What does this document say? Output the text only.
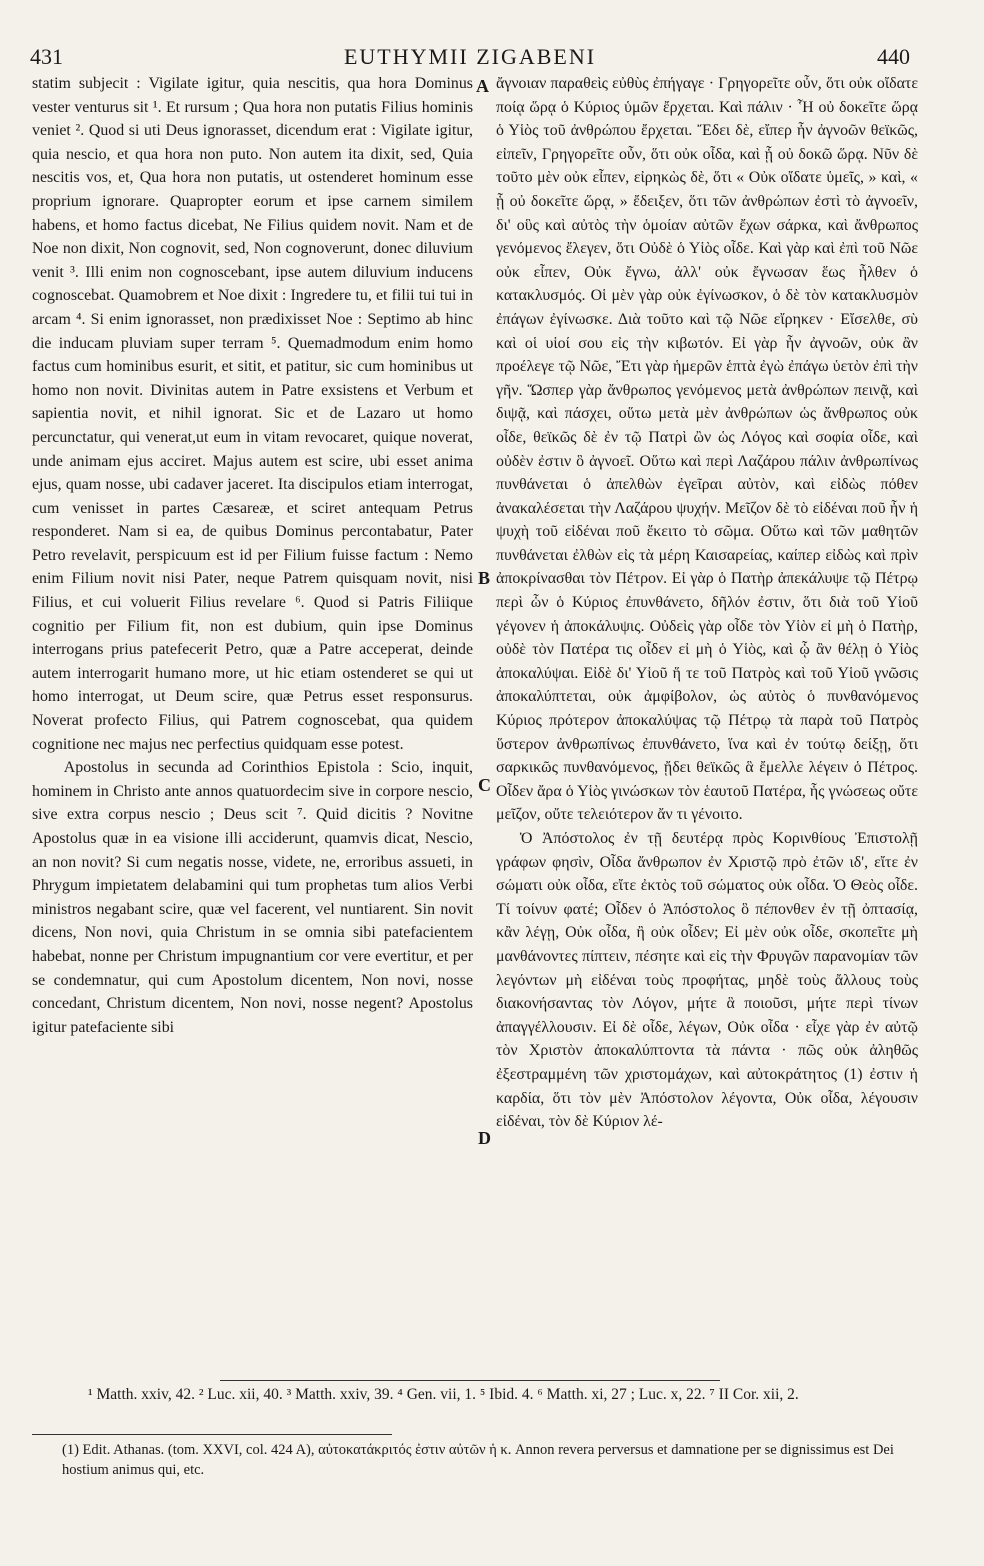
431	EUTHYMII ZIGABENI	440

statim subjecit : Vigilate igitur, quia nescitis, qua hora Dominus vester venturus sit ¹. Et rursum ; Qua hora non putatis Filius hominis veniet ². Quod si uti Deus ignorasset, dicendum erat : Vigilate igitur, quia nescio, et qua hora non puto. Non autem ita dixit, sed, Quia nescitis vos, et, Qua hora non putatis, ut ostenderet hominum esse proprium ignorare. Quapropter eorum et ipse carnem similem habens, et homo factus dicebat, Ne Filius quidem novit. Nam et de Noe non dixit, Non cognovit, sed, Non cognoverunt, donec diluvium venit ³. Illi enim non cognoscebant, ipse autem diluvium inducens cognoscebat. Quamobrem et Noe dixit : Ingredere tu, et filii tui tui in arcam ⁴. Si enim ignorasset, non prædixisset Noe : Septimo ab hinc die inducam pluviam super terram ⁵. Quemadmodum enim homo factus cum hominibus esurit, et sitit, et patitur, sic cum hominibus ut homo non novit. Divinitas autem in Patre exsistens et Verbum et sapientia novit, et nihil ignorat. Sic et de Lazaro ut homo percunctatur, qui venerat,ut eum in vitam revocaret, quique noverat, unde animam ejus acciret. Majus autem est scire, ubi esset anima ejus, quam nosse, ubi cadaver jaceret. Ita discipulos etiam interrogat, cum venisset in partes Cæsareæ, et sciret antequam Petrus responderet. Nam si ea, de quibus Dominus percontabatur, Pater Petro revelavit, perspicuum est id per Filium fuisse factum : Nemo enim Filium novit nisi Pater, neque Patrem quisquam novit, nisi Filius, et cui voluerit Filius revelare ⁶. Quod si Patris Filiique cognitio per Filium fit, non est dubium, quin ipse Dominus interrogans prius patefecerit Petro, quæ a Patre acceperat, deinde autem interrogarit humano more, ut hic etiam ostenderet se qui ut homo interrogat, ut Deum scire, quæ Petrus esset responsurus. Noverat profecto Filius, qui Patrem cognoscebat, qua quidem cognitione nec majus nec perfectius quidquam esse potest.

Apostolus in secunda ad Corinthios Epistola : Scio, inquit, hominem in Christo ante annos quatuordecim sive in corpore nescio, sive extra corpus nescio ; Deus scit ⁷. Quid dicitis ? Novitne Apostolus quæ in ea visione illi acciderunt, quamvis dicat, Nescio, an non novit? Si cum negatis nosse, videte, ne, erroribus assueti, in Phrygum impietatem delabamini qui tum prophetas tum alios Verbi ministros negabant scire, quæ vel facerent, vel nuntiarent. Sin novit dicens, Non novi, quia Christum in se omnia sibi patefacientem habebat, nonne per Christum impugnantium cor vere evertitur, et per se condemnatur, qui cum Apostolum dicentem, Non novi, nosse concedant, Christum dicentem, Non novi, nosse negent? Apostolus igitur patefaciente sibi

A
B
C
D

ἄγνοιαν παραθεὶς εὐθὺς ἐπήγαγε · Γρηγορεῖτε οὖν, ὅτι οὐκ οἴδατε ποίᾳ ὥρᾳ ὁ Κύριος ὑμῶν ἔρχεται. Καὶ πάλιν · Ἧ οὐ δοκεῖτε ὥρᾳ ὁ Υἱὸς τοῦ ἀνθρώπου ἔρχεται. Ἔδει δὲ, εἴπερ ἦν ἀγνοῶν θεϊκῶς, εἰπεῖν, Γρηγορεῖτε οὖν, ὅτι οὐκ οἶδα, καὶ ᾗ οὐ δοκῶ ὥρᾳ. Νῦν δὲ τοῦτο μὲν οὐκ εἶπεν, εἰρηκὼς δὲ, ὅτι « Οὐκ οἴδατε ὑμεῖς, » καὶ, « ᾗ οὐ δοκεῖτε ὥρᾳ, » ἔδειξεν, ὅτι τῶν ἀνθρώπων ἐστὶ τὸ ἀγνοεῖν, δι' οὓς καὶ αὐτὸς τὴν ὁμοίαν αὐτῶν ἔχων σάρκα, καὶ ἄνθρωπος γενόμενος ἔλεγεν, ὅτι Οὐδὲ ὁ Υἱὸς οἶδε. Καὶ γὰρ καὶ ἐπὶ τοῦ Νῶε οὐκ εἶπεν, Οὐκ ἔγνω, ἀλλ' οὐκ ἔγνωσαν ἕως ἦλθεν ὁ κατακλυσμός. Οἱ μὲν γὰρ οὐκ ἐγίνωσκον, ὁ δὲ τὸν κατακλυσμὸν ἐπάγων ἐγίνωσκε. Διὰ τοῦτο καὶ τῷ Νῶε εἴρηκεν · Εἴσελθε, σὺ καὶ οἱ υἱοί σου εἰς τὴν κιβωτόν. Εἰ γὰρ ἦν ἀγνοῶν, οὐκ ἂν προέλεγε τῷ Νῶε, Ἔτι γὰρ ἡμερῶν ἑπτὰ ἐγὼ ἐπάγω ὑετὸν ἐπὶ τὴν γῆν. Ὥσπερ γὰρ ἄνθρωπος γενόμενος μετὰ ἀνθρώπων πεινᾷ, καὶ διψᾷ, καὶ πάσχει, οὕτω μετὰ μὲν ἀνθρώπων ὡς ἄνθρωπος οὐκ οἶδε, θεϊκῶς δὲ ἐν τῷ Πατρὶ ὢν ὡς Λόγος καὶ σοφία οἶδε, καὶ οὐδὲν ἐστιν ὃ ἀγνοεῖ. Οὕτω καὶ περὶ Λαζάρου πάλιν ἀνθρωπίνως πυνθάνεται ὁ ἀπελθὼν ἐγεῖραι αὐτὸν, καὶ εἰδὼς πόθεν ἀνακαλέσεται τὴν Λαζάρου ψυχήν. Μεῖζον δὲ τὸ εἰδέναι ποῦ ἦν ἡ ψυχὴ τοῦ εἰδέναι ποῦ ἔκειτο τὸ σῶμα. Οὕτω καὶ τῶν μαθητῶν πυνθάνεται ἐλθὼν εἰς τὰ μέρη Καισαρείας, καίπερ εἰδὼς καὶ πρὶν ἀποκρίνασθαι τὸν Πέτρον. Εἰ γὰρ ὁ Πατὴρ ἀπεκάλυψε τῷ Πέτρῳ περὶ ὧν ὁ Κύριος ἐπυνθάνετο, δῆλόν ἐστιν, ὅτι διὰ τοῦ Υἱοῦ γέγονεν ἡ ἀποκάλυψις. Οὐδεὶς γὰρ οἶδε τὸν Υἱὸν εἰ μὴ ὁ Πατὴρ, οὐδὲ τὸν Πατέρα τις οἶδεν εἰ μὴ ὁ Υἱὸς, καὶ ᾧ ἂν θέλῃ ὁ Υἱὸς ἀποκαλύψαι. Εἰδὲ δι' Υἱοῦ ἥ τε τοῦ Πατρὸς καὶ τοῦ Υἱοῦ γνῶσις ἀποκαλύπτεται, οὐκ ἀμφίβολον, ὡς αὐτὸς ὁ πυνθανόμενος Κύριος πρότερον ἀποκαλύψας τῷ Πέτρῳ τὰ παρὰ τοῦ Πατρὸς ὕστερον ἀνθρωπίνως ἐπυνθάνετο, ἵνα καὶ ἐν τούτῳ δείξῃ, ὅτι σαρκικῶς πυνθανόμενος, ᾔδει θεϊκῶς ἃ ἔμελλε λέγειν ὁ Πέτρος. Οἶδεν ἄρα ὁ Υἱὸς γινώσκων τὸν ἑαυτοῦ Πατέρα, ἧς γνώσεως οὔτε μεῖζον, οὔτε τελειότερον ἄν τι γένοιτο.

Ὁ Ἀπόστολος ἐν τῇ δευτέρᾳ πρὸς Κορινθίους Ἐπιστολῇ γράφων φησὶν, Οἶδα ἄνθρωπον ἐν Χριστῷ πρὸ ἐτῶν ιδ', εἴτε ἐν σώματι οὐκ οἶδα, εἴτε ἐκτὸς τοῦ σώματος οὐκ οἶδα. Ὁ Θεὸς οἶδε. Τί τοίνυν φατέ; Οἶδεν ὁ Ἀπόστολος ὃ πέπονθεν ἐν τῇ ὀπτασίᾳ, κἂν λέγῃ, Οὐκ οἶδα, ἢ οὐκ οἶδεν; Εἰ μὲν οὐκ οἶδε, σκοπεῖτε μὴ μανθάνοντες πίπτειν, πέσητε καὶ εἰς τὴν Φρυγῶν παρανομίαν τῶν λεγόντων μὴ εἰδέναι τοὺς προφήτας, μηδὲ τοὺς ἄλλους τοὺς διακονήσαντας τὸν Λόγον, μήτε ἃ ποιοῦσι, μήτε περὶ τίνων ἀπαγγέλλουσιν. Εἰ δὲ οἶδε, λέγων, Οὐκ οἶδα · εἶχε γὰρ ἐν αὐτῷ τὸν Χριστὸν ἀποκαλύπτοντα τὰ πάντα · πῶς οὐκ ἀληθῶς ἐξεστραμμένη τῶν χριστομάχων, καὶ αὐτοκράτητος (1) ἐστιν ἡ καρδία, ὅτι τὸν μὲν Ἀπόστολον λέγοντα, Οὐκ οἶδα, λέγουσιν εἰδέναι, τὸν δὲ Κύριον λέ-

¹ Matth. xxiv, 42. ² Luc. xii, 40. ³ Matth. xxiv, 39. ⁴ Gen. vii, 1. ⁵ Ibid. 4. ⁶ Matth. xi, 27 ; Luc. x, 22. ⁷ II Cor. xii, 2.
(1) Edit. Athanas. (tom. XXVI, col. 424 A), αὐτοκατάκριτός ἐστιν αὐτῶν ἡ κ. Annon revera perversus et damnatione per se dignissimus est Dei hostium animus qui, etc.
